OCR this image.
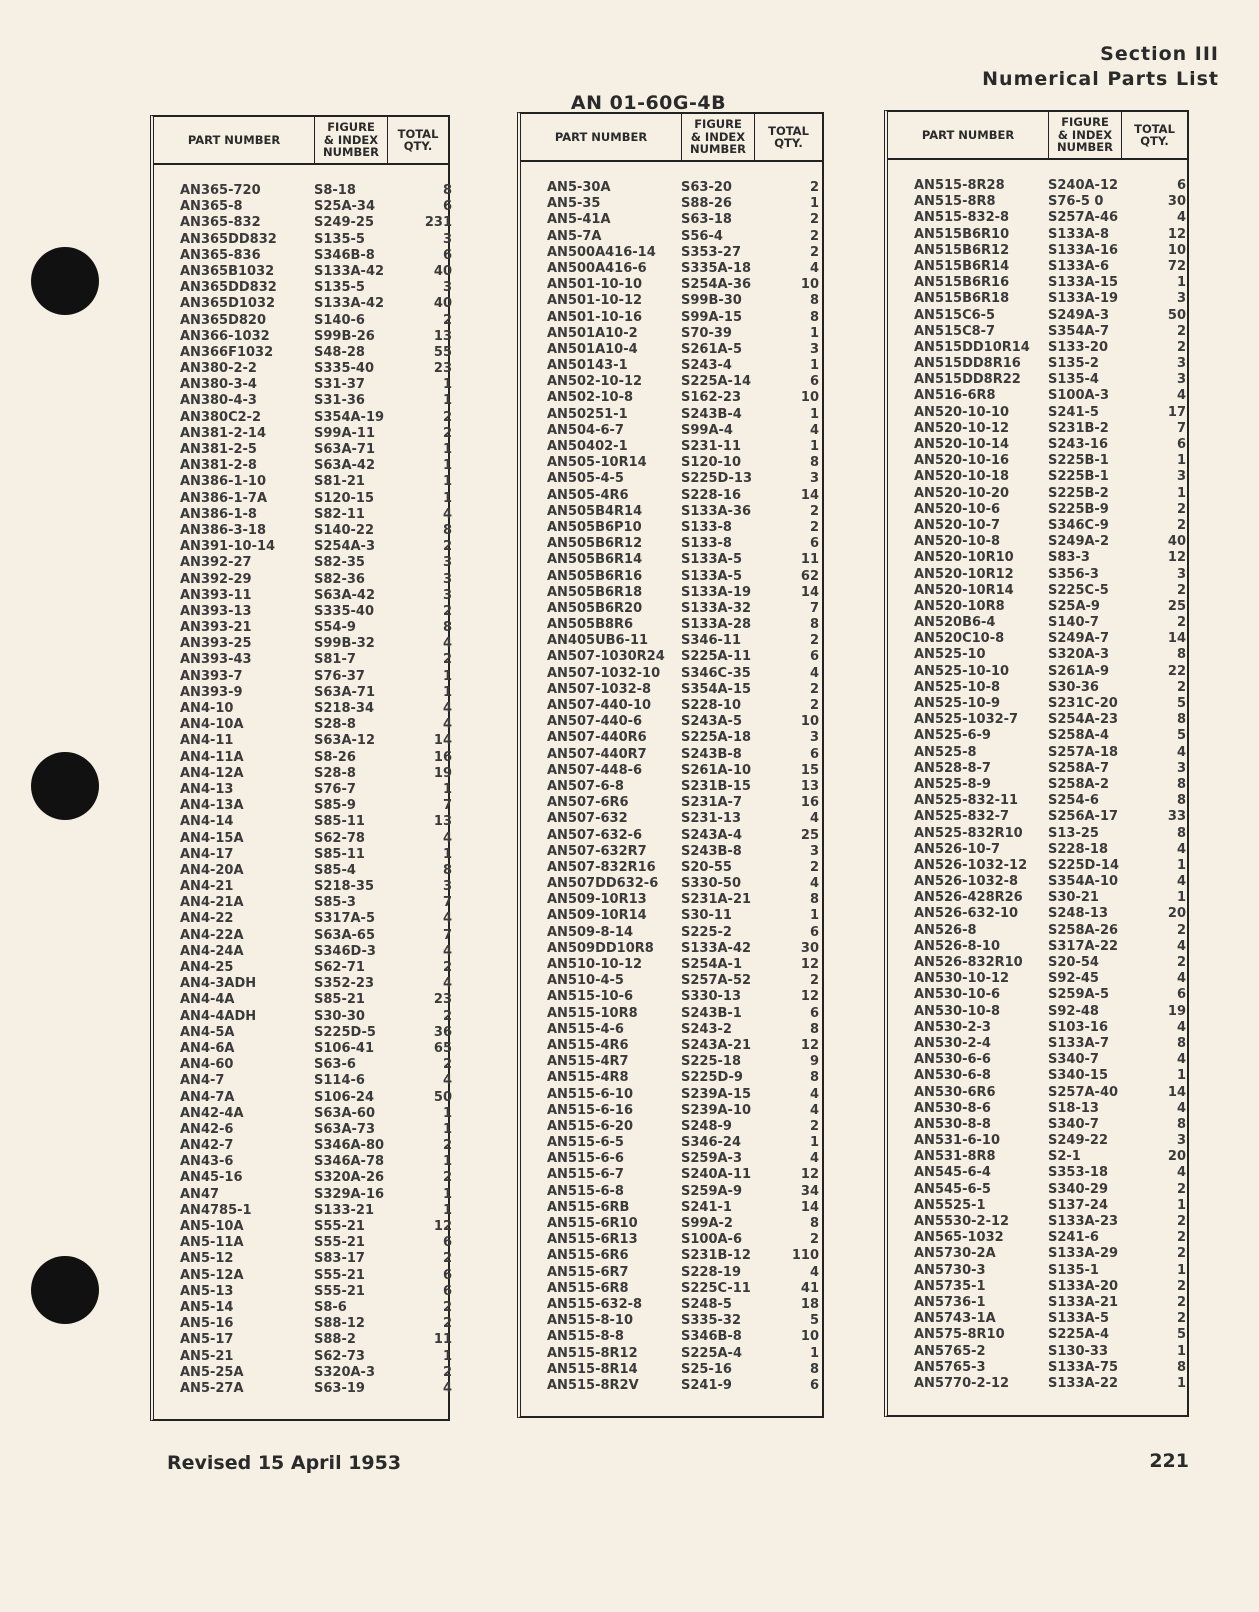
Section III
Numerical Parts List
AN 01-60G-4B
PART NUMBER
FIGURE
& INDEX
NUMBER
TOTAL
QTY.
AN365-720	S8-18	8
AN365-8	S25A-34	6
AN365-832	S249-25	231
AN365DD832	S135-5	3
AN365-836	S346B-8	6
AN365B1032	S133A-42	40
AN365DD832	S135-5	3
AN365D1032	S133A-42	40
AN365D820	S140-6	2
AN366-1032	S99B-26	13
AN366F1032	S48-28	55
AN380-2-2	S335-40	23
AN380-3-4	S31-37	1
AN380-4-3	S31-36	1
AN380C2-2	S354A-19	2
AN381-2-14	S99A-11	2
AN381-2-5	S63A-71	1
AN381-2-8	S63A-42	1
AN386-1-10	S81-21	1
AN386-1-7A	S120-15	1
AN386-1-8	S82-11	4
AN386-3-18	S140-22	8
AN391-10-14	S254A-3	2
AN392-27	S82-35	3
AN392-29	S82-36	3
AN393-11	S63A-42	3
AN393-13	S335-40	2
AN393-21	S54-9	8
AN393-25	S99B-32	4
AN393-43	S81-7	2
AN393-7	S76-37	1
AN393-9	S63A-71	1
AN4-10	S218-34	4
AN4-10A	S28-8	4
AN4-11	S63A-12	14
AN4-11A	S8-26	16
AN4-12A	S28-8	19
AN4-13	S76-7	1
AN4-13A	S85-9	7
AN4-14	S85-11	13
AN4-15A	S62-78	4
AN4-17	S85-11	1
AN4-20A	S85-4	8
AN4-21	S218-35	3
AN4-21A	S85-3	7
AN4-22	S317A-5	4
AN4-22A	S63A-65	7
AN4-24A	S346D-3	4
AN4-25	S62-71	2
AN4-3ADH	S352-23	4
AN4-4A	S85-21	23
AN4-4ADH	S30-30	2
AN4-5A	S225D-5	36
AN4-6A	S106-41	65
AN4-60	S63-6	2
AN4-7	S114-6	4
AN4-7A	S106-24	50
AN42-4A	S63A-60	1
AN42-6	S63A-73	1
AN42-7	S346A-80	2
AN43-6	S346A-78	1
AN45-16	S320A-26	2
AN47	S329A-16	1
AN4785-1	S133-21	1
AN5-10A	S55-21	12
AN5-11A	S55-21	6
AN5-12	S83-17	2
AN5-12A	S55-21	6
AN5-13	S55-21	6
AN5-14	S8-6	2
AN5-16	S88-12	2
AN5-17	S88-2	11
AN5-21	S62-73	1
AN5-25A	S320A-3	2
AN5-27A	S63-19	4
PART NUMBER
FIGURE
& INDEX
NUMBER
TOTAL
QTY.
AN5-30A	S63-20	2
AN5-35	S88-26	1
AN5-41A	S63-18	2
AN5-7A	S56-4	2
AN500A416-14	S353-27	2
AN500A416-6	S335A-18	4
AN501-10-10	S254A-36	10
AN501-10-12	S99B-30	8
AN501-10-16	S99A-15	8
AN501A10-2	S70-39	1
AN501A10-4	S261A-5	3
AN50143-1	S243-4	1
AN502-10-12	S225A-14	6
AN502-10-8	S162-23	10
AN50251-1	S243B-4	1
AN504-6-7	S99A-4	4
AN50402-1	S231-11	1
AN505-10R14	S120-10	8
AN505-4-5	S225D-13	3
AN505-4R6	S228-16	14
AN505B4R14	S133A-36	2
AN505B6P10	S133-8	2
AN505B6R12	S133-8	6
AN505B6R14	S133A-5	11
AN505B6R16	S133A-5	62
AN505B6R18	S133A-19	14
AN505B6R20	S133A-32	7
AN505B8R6	S133A-28	8
AN405UB6-11	S346-11	2
AN507-1030R24	S225A-11	6
AN507-1032-10	S346C-35	4
AN507-1032-8	S354A-15	2
AN507-440-10	S228-10	2
AN507-440-6	S243A-5	10
AN507-440R6	S225A-18	3
AN507-440R7	S243B-8	6
AN507-448-6	S261A-10	15
AN507-6-8	S231B-15	13
AN507-6R6	S231A-7	16
AN507-632	S231-13	4
AN507-632-6	S243A-4	25
AN507-632R7	S243B-8	3
AN507-832R16	S20-55	2
AN507DD632-6	S330-50	4
AN509-10R13	S231A-21	8
AN509-10R14	S30-11	1
AN509-8-14	S225-2	6
AN509DD10R8	S133A-42	30
AN510-10-12	S254A-1	12
AN510-4-5	S257A-52	2
AN515-10-6	S330-13	12
AN515-10R8	S243B-1	6
AN515-4-6	S243-2	8
AN515-4R6	S243A-21	12
AN515-4R7	S225-18	9
AN515-4R8	S225D-9	8
AN515-6-10	S239A-15	4
AN515-6-16	S239A-10	4
AN515-6-20	S248-9	2
AN515-6-5	S346-24	1
AN515-6-6	S259A-3	4
AN515-6-7	S240A-11	12
AN515-6-8	S259A-9	34
AN515-6RB	S241-1	14
AN515-6R10	S99A-2	8
AN515-6R13	S100A-6	2
AN515-6R6	S231B-12	110
AN515-6R7	S228-19	4
AN515-6R8	S225C-11	41
AN515-632-8	S248-5	18
AN515-8-10	S335-32	5
AN515-8-8	S346B-8	10
AN515-8R12	S225A-4	1
AN515-8R14	S25-16	8
AN515-8R2V	S241-9	6
PART NUMBER
FIGURE
& INDEX
NUMBER
TOTAL
QTY.
AN515-8R28	S240A-12	6
AN515-8R8	S76-5 0	30
AN515-832-8	S257A-46	4
AN515B6R10	S133A-8	12
AN515B6R12	S133A-16	10
AN515B6R14	S133A-6	72
AN515B6R16	S133A-15	1
AN515B6R18	S133A-19	3
AN515C6-5	S249A-3	50
AN515C8-7	S354A-7	2
AN515DD10R14	S133-20	2
AN515DD8R16	S135-2	3
AN515DD8R22	S135-4	3
AN516-6R8	S100A-3	4
AN520-10-10	S241-5	17
AN520-10-12	S231B-2	7
AN520-10-14	S243-16	6
AN520-10-16	S225B-1	1
AN520-10-18	S225B-1	3
AN520-10-20	S225B-2	1
AN520-10-6	S225B-9	2
AN520-10-7	S346C-9	2
AN520-10-8	S249A-2	40
AN520-10R10	S83-3	12
AN520-10R12	S356-3	3
AN520-10R14	S225C-5	2
AN520-10R8	S25A-9	25
AN520B6-4	S140-7	2
AN520C10-8	S249A-7	14
AN525-10	S320A-3	8
AN525-10-10	S261A-9	22
AN525-10-8	S30-36	2
AN525-10-9	S231C-20	5
AN525-1032-7	S254A-23	8
AN525-6-9	S258A-4	5
AN525-8	S257A-18	4
AN528-8-7	S258A-7	3
AN525-8-9	S258A-2	8
AN525-832-11	S254-6	8
AN525-832-7	S256A-17	33
AN525-832R10	S13-25	8
AN526-10-7	S228-18	4
AN526-1032-12	S225D-14	1
AN526-1032-8	S354A-10	4
AN526-428R26	S30-21	1
AN526-632-10	S248-13	20
AN526-8	S258A-26	2
AN526-8-10	S317A-22	4
AN526-832R10	S20-54	2
AN530-10-12	S92-45	4
AN530-10-6	S259A-5	6
AN530-10-8	S92-48	19
AN530-2-3	S103-16	4
AN530-2-4	S133A-7	8
AN530-6-6	S340-7	4
AN530-6-8	S340-15	1
AN530-6R6	S257A-40	14
AN530-8-6	S18-13	4
AN530-8-8	S340-7	8
AN531-6-10	S249-22	3
AN531-8R8	S2-1	20
AN545-6-4	S353-18	4
AN545-6-5	S340-29	2
AN5525-1	S137-24	1
AN5530-2-12	S133A-23	2
AN565-1032	S241-6	2
AN5730-2A	S133A-29	2
AN5730-3	S135-1	1
AN5735-1	S133A-20	2
AN5736-1	S133A-21	2
AN5743-1A	S133A-5	2
AN575-8R10	S225A-4	5
AN5765-2	S130-33	1
AN5765-3	S133A-75	8
AN5770-2-12	S133A-22	1
Revised 15 April 1953	221
